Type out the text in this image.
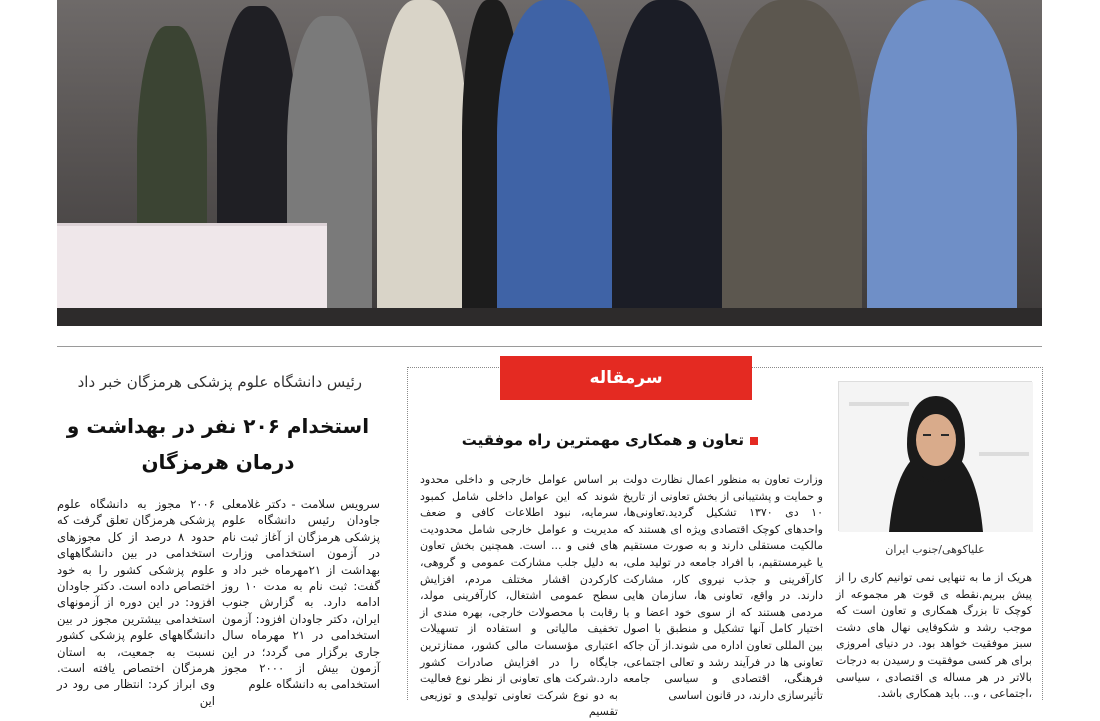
رئیس دانشگاه علوم پزشکی هرمزگان خبر داد
استخدام ۲۰۶ نفر در بهداشت و درمان هرمزگان
سرویس سلامت - دکتر غلامعلی جاودان رئیس دانشگاه علوم پزشکی هرمزگان از آغاز ثبت نام در آزمون استخدامی وزارت بهداشت از ۲۱مهرماه خبر داد و گفت: ثبت نام به مدت ۱۰ روز ادامه دارد. به گزارش جنوب ایران، دکتر جاودان افزود: آزمون استخدامی در ۲۱ مهرماه سال جاری برگزار می گردد؛ در این آزمون بیش از ۲۰۰۰ مجوز استخدامی به دانشگاه علوم
۲۰۰۶ مجوز به دانشگاه علوم پزشکی هرمزگان تعلق گرفت که حدود ۸ درصد از کل مجوزهای استخدامی در بین دانشگاههای علوم پزشکی کشور را به خود اختصاص داده است. دکتر جاودان افزود: در این دوره از آزمونهای استخدامی بیشترین مجوز در بین دانشگاههای علوم پزشکی کشور نسبت به جمعیت، به استان هرمزگان اختصاص یافته است. وی ابراز کرد: انتظار می رود در این
سرمقاله
تعاون و همکاری مهمترین راه موفقیت
وزارت تعاون به منظور اعمال نظارت دولت و حمایت و پشتیبانی از بخش تعاونی از تاریخ ۱۰ دی ۱۳۷۰ تشکیل گردید.تعاونی‌ها، واحدهای کوچک اقتصادی ویژه ای هستند که مالکیت مستقلی دارند و به صورت مستقیم یا غیرمستقیم، با افراد جامعه در تولید ملی، کارآفرینی و جذب نیروی کار، مشارکت دارند. در واقع، تعاونی ها، سازمان هایی مردمی هستند که از سوی خود اعضا و با اختیار کامل آنها تشکیل و منطبق با اصول بین المللی تعاون اداره می شوند.از آن جاکه تعاونی ها در فرآیند رشد و تعالی اجتماعی، فرهنگی، اقتصادی و سیاسی جامعه تأثیرسازی دارند، در قانون اساسی
بر اساس عوامل خارجی و داخلی محدود شوند که این عوامل داخلی شامل کمبود سرمایه، نبود اطلاعات کافی و ضعف مدیریت و عوامل خارجی شامل محدودیت های فنی و ... است. همچنین بخش تعاون به دلیل جلب مشارکت عمومی و گروهی، کارکردن اقشار مختلف مردم، افزایش سطح عمومی اشتغال، کارآفرینی مولد، رقابت با محصولات خارجی، بهره مندی از تخفیف مالیاتی و استفاده از تسهیلات اعتباری مؤسسات مالی کشور، ممتازترین جایگاه را در افزایش صادرات کشور دارد.شرکت های تعاونی از نظر نوع فعالیت به دو نوع شرکت تعاونی تولیدی و توزیعی تقسیم
علیاکوهی/جنوب ایران
هریک از ما به تنهایی نمی توانیم کاری را از پیش ببریم.نقطه ی قوت هر مجموعه از کوچک تا بزرگ همکاری و تعاون است که موجب رشد و شکوفایی نهال های دشت سبز موفقیت خواهد بود. در دنیای امروزی برای هر کسی موفقیت و رسیدن به درجات بالاتر در هر مساله ی اقتصادی ، سیاسی ،اجتماعی ، و... باید همکاری باشد.
